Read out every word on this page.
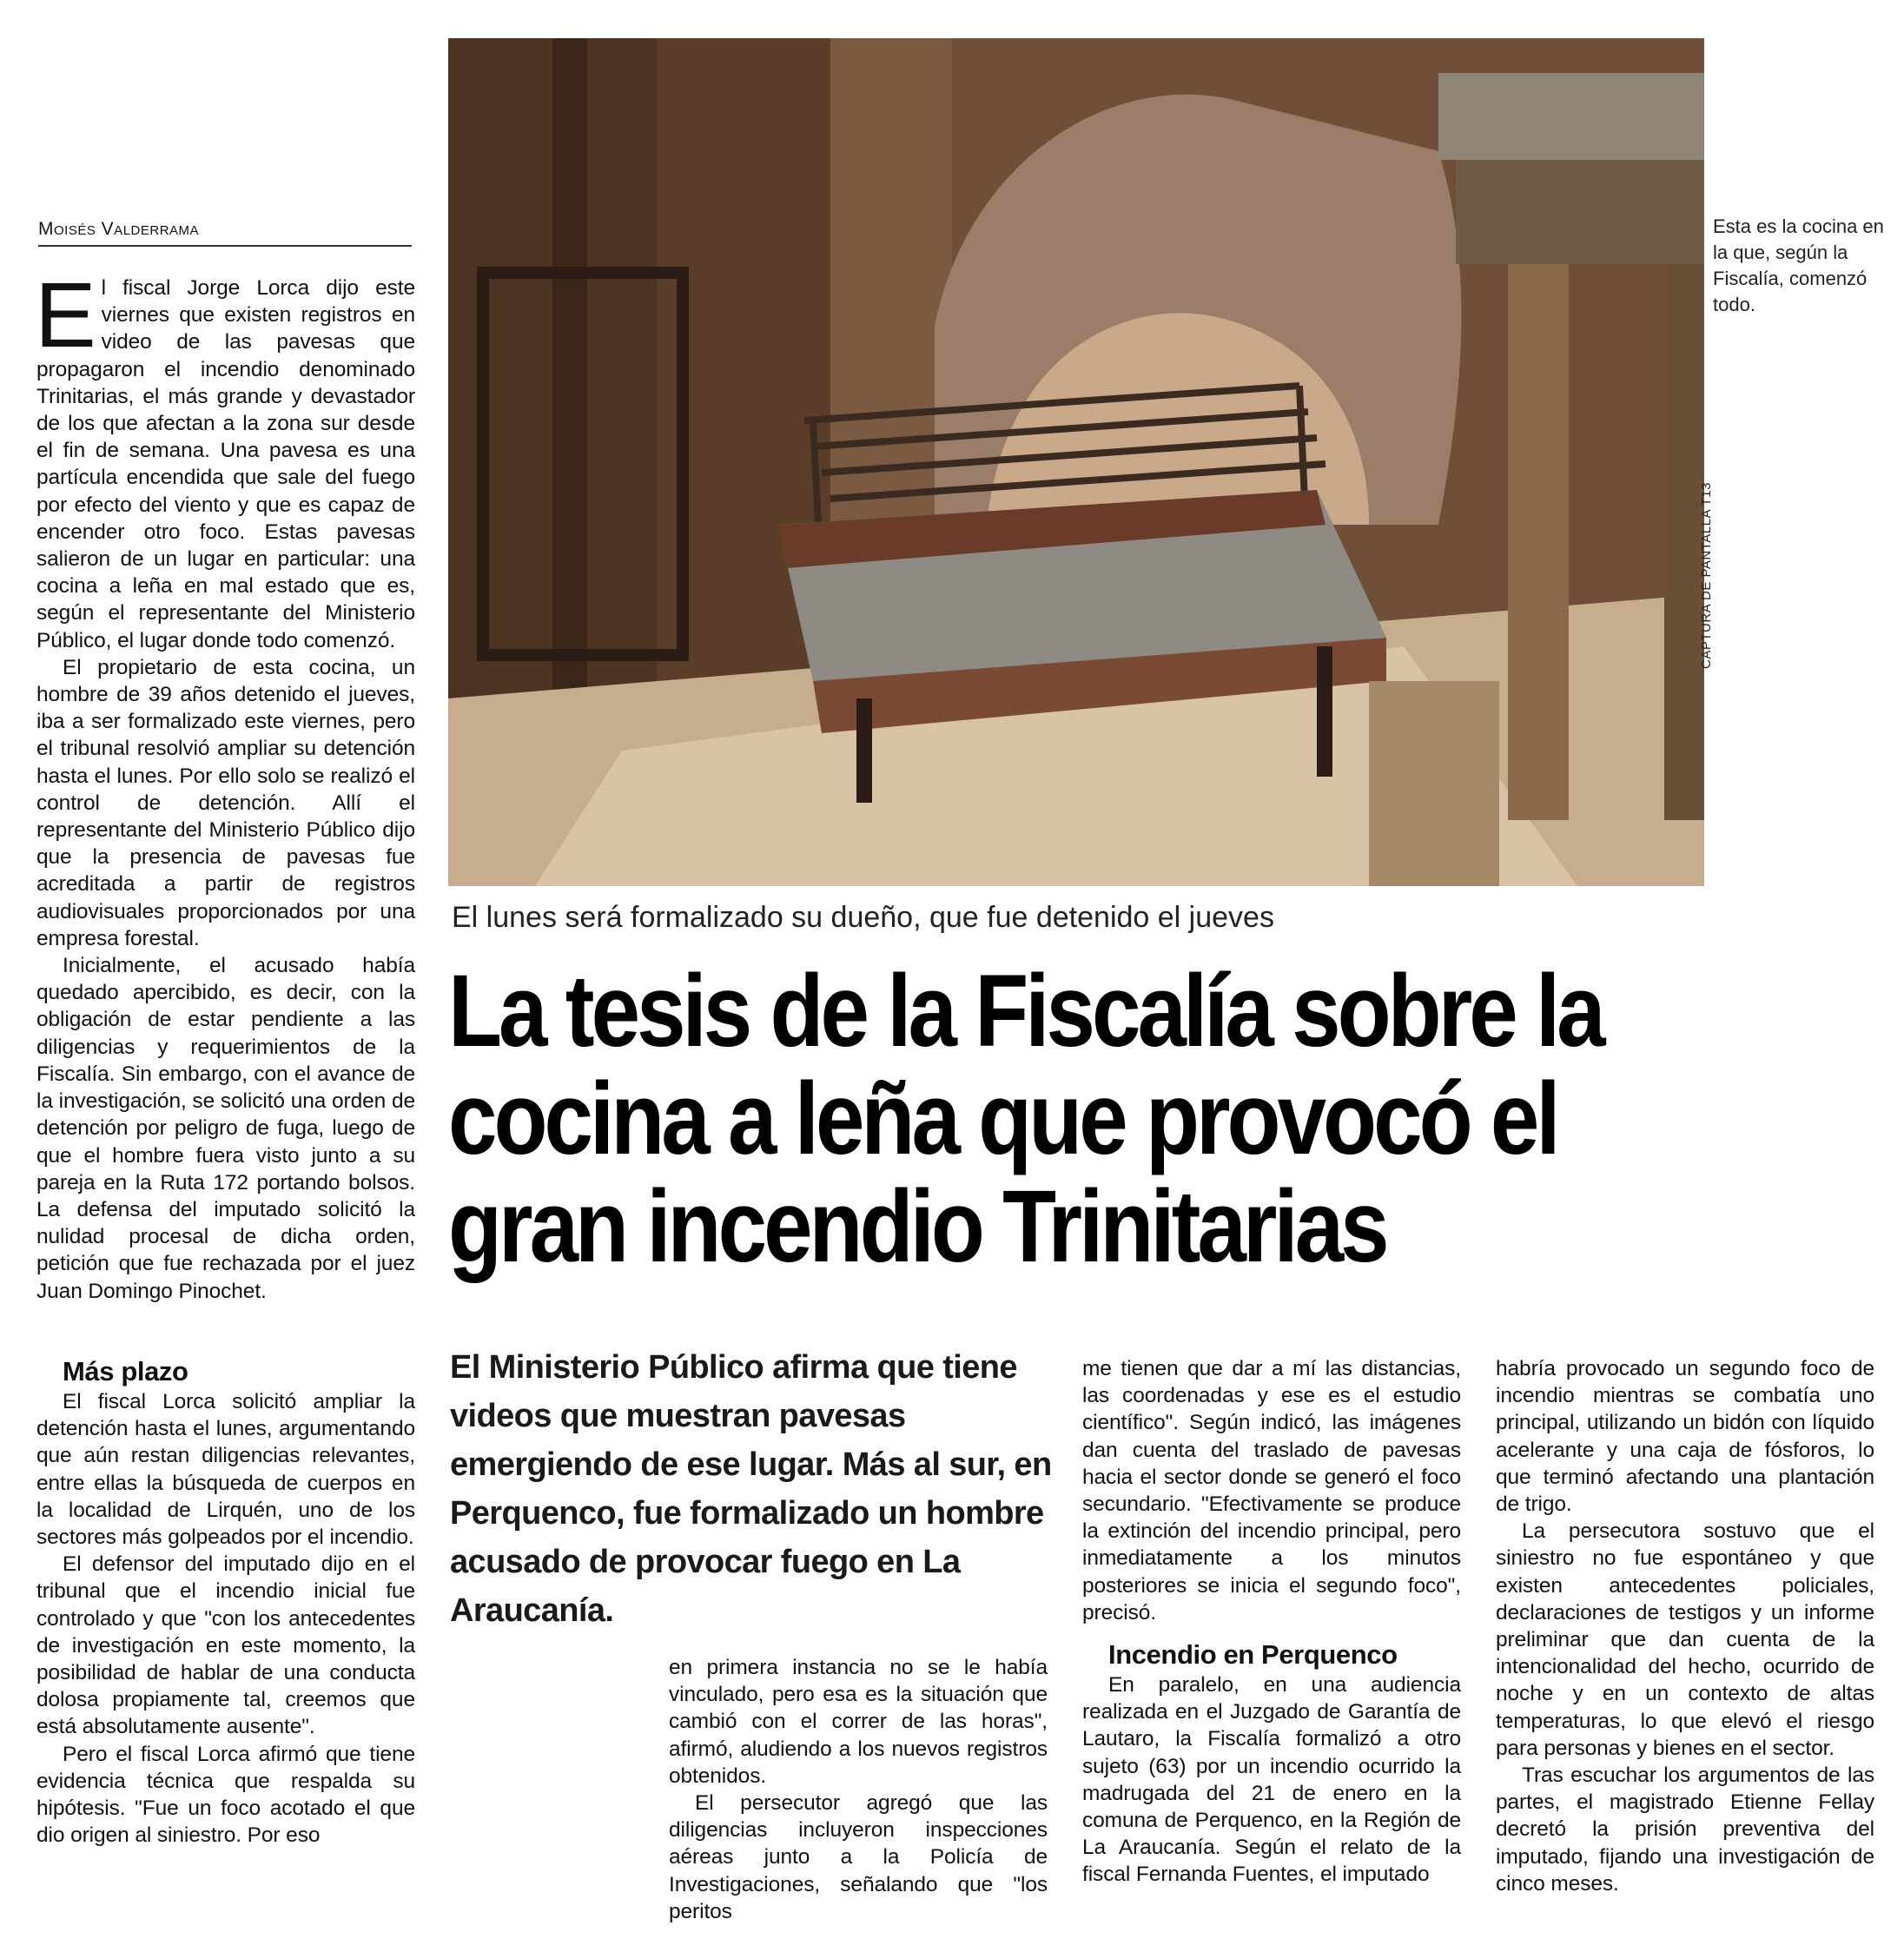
Moisés Valderrama

El fiscal Jorge Lorca dijo este viernes que existen registros en video de las pavesas que propagaron el incendio denominado Trinitarias, el más grande y devastador de los que afectan a la zona sur desde el fin de semana. Una pavesa es una partícula encendida que sale del fuego por efecto del viento y que es capaz de encender otro foco. Estas pavesas salieron de un lugar en particular: una cocina a leña en mal estado que es, según el representante del Ministerio Público, el lugar donde todo comenzó.

El propietario de esta cocina, un hombre de 39 años detenido el jueves, iba a ser formalizado este viernes, pero el tribunal resolvió ampliar su detención hasta el lunes. Por ello solo se realizó el control de detención. Allí el representante del Ministerio Público dijo que la presencia de pavesas fue acreditada a partir de registros audiovisuales proporcionados por una empresa forestal.

Inicialmente, el acusado había quedado apercibido, es decir, con la obligación de estar pendiente a las diligencias y requerimientos de la Fiscalía. Sin embargo, con el avance de la investigación, se solicitó una orden de detención por peligro de fuga, luego de que el hombre fuera visto junto a su pareja en la Ruta 172 portando bolsos. La defensa del imputado solicitó la nulidad procesal de dicha orden, petición que fue rechazada por el juez Juan Domingo Pinochet.

Más plazo

El fiscal Lorca solicitó ampliar la detención hasta el lunes, argumentando que aún restan diligencias relevantes, entre ellas la búsqueda de cuerpos en la localidad de Lirquén, uno de los sectores más golpeados por el incendio.

El defensor del imputado dijo en el tribunal que el incendio inicial fue controlado y que "con los antecedentes de investigación en este momento, la posibilidad de hablar de una conducta dolosa propiamente tal, creemos que está absolutamente ausente".

Pero el fiscal Lorca afirmó que tiene evidencia técnica que respalda su hipótesis. "Fue un foco acotado el que dio origen al siniestro. Por eso

Esta es la cocina en la que, según la Fiscalía, comenzó todo.
CAPTURA DE PANTALLA T13
El lunes será formalizado su dueño, que fue detenido el jueves
La tesis de la Fiscalía sobre la
cocina a leña que provocó el
gran incendio Trinitarias
El Ministerio Público afirma que tiene videos que muestran pavesas emergiendo de ese lugar. Más al sur, en Perquenco, fue formalizado un hombre acusado de provocar fuego en La Araucanía.

en primera instancia no se le había vinculado, pero esa es la situación que cambió con el correr de las horas", afirmó, aludiendo a los nuevos registros obtenidos.

El persecutor agregó que las diligencias incluyeron inspecciones aéreas junto a la Policía de Investigaciones, señalando que "los peritos

me tienen que dar a mí las distancias, las coordenadas y ese es el estudio científico". Según indicó, las imágenes dan cuenta del traslado de pavesas hacia el sector donde se generó el foco secundario. "Efectivamente se produce la extinción del incendio principal, pero inmediatamente a los minutos posteriores se inicia el segundo foco", precisó.

Incendio en Perquenco

En paralelo, en una audiencia realizada en el Juzgado de Garantía de Lautaro, la Fiscalía formalizó a otro sujeto (63) por un incendio ocurrido la madrugada del 21 de enero en la comuna de Perquenco, en la Región de La Araucanía. Según el relato de la fiscal Fernanda Fuentes, el imputado

habría provocado un segundo foco de incendio mientras se combatía uno principal, utilizando un bidón con líquido acelerante y una caja de fósforos, lo que terminó afectando una plantación de trigo.

La persecutora sostuvo que el siniestro no fue espontáneo y que existen antecedentes policiales, declaraciones de testigos y un informe preliminar que dan cuenta de la intencionalidad del hecho, ocurrido de noche y en un contexto de altas temperaturas, lo que elevó el riesgo para personas y bienes en el sector.

Tras escuchar los argumentos de las partes, el magistrado Etienne Fellay decretó la prisión preventiva del imputado, fijando una investigación de cinco meses.
